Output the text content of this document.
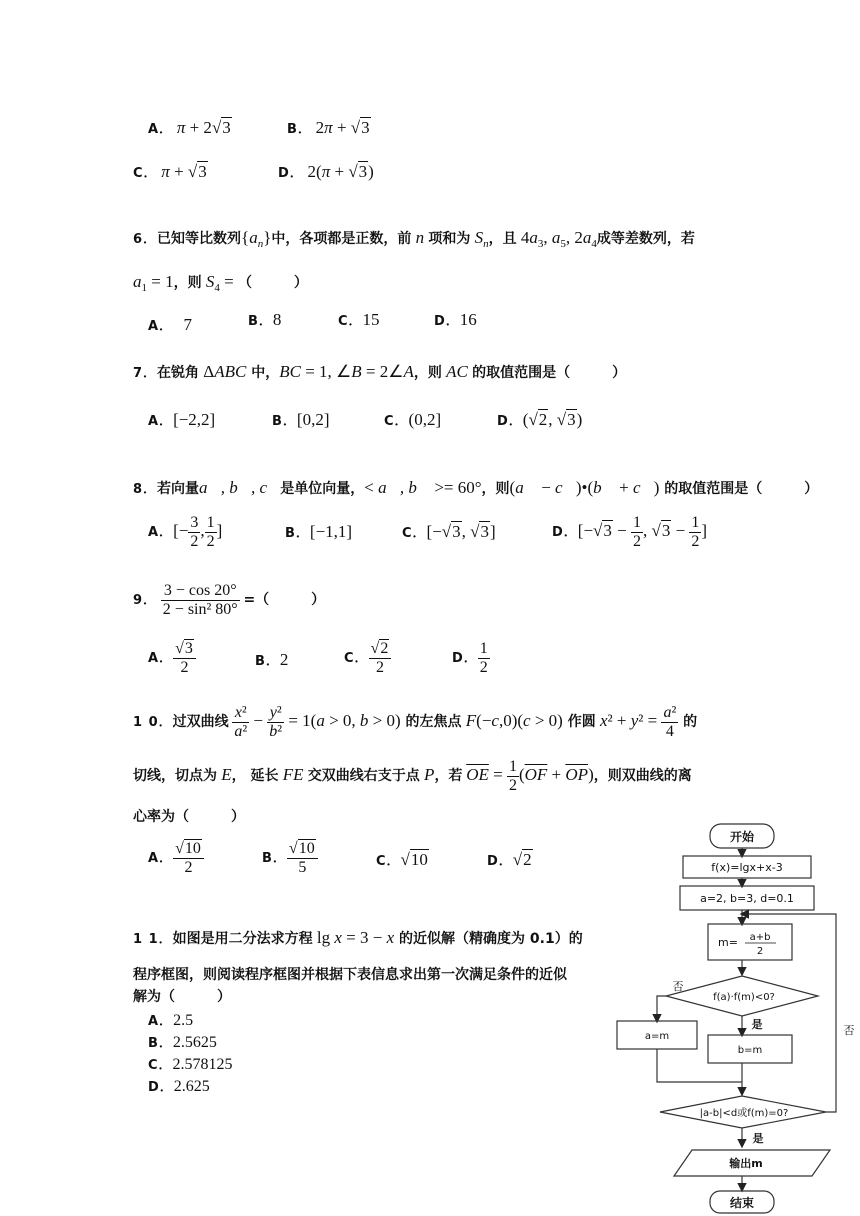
A． π + 2√3	B． 2π + √3
C． π + √3	D． 2(π + √3)
6．已知等比数列$\{a_n\}$中，各项都是正数，前 n 项和为 $S_n$，且 $4a_3$, $a_5$, $2a_4$成等差数列，若
$a_1 = 1$，则 $S_4$ = （　　　）
A．　7	B．8	C．15	D．16
7．在锐角 ΔABC 中，BC = 1, ∠B = 2∠A，则 AC 的取值范围是（　　　）
A．[−2,2]	B．[0,2]	C．(0,2]	D．(√2, √3)
8．若向量a⃗, b⃗, c⃗是单位向量，< a⃗, b⃗ >= 60°，则(a⃗ − c⃗)•(b⃗ + c⃗) 的取值范围是（　　　）
A．[− $\frac{3}{2}$ , $\frac{1}{2}$ ]	B．[−1,1]	C．[−√3, √3]	D．[$-√3 - \frac{1}{2}$ , $√3 - \frac{1}{2}$ ]
9． $\frac{3 - \cos 20^\circ}{\text{2 − sin² 80°}}$ =（　　　）
A． $\frac{√3}{2}$	B．2	C． $\frac{√2}{2}$	D． $\frac{1}{2}$
1 0．过双曲线 $\frac{\text{x²}}{\text{a²}} - \frac{\text{y²}}{\text{b²}} = 1(a > 0$, b > 0) 的左焦点 F(−c,0)(c > 0) 作圆 $x^2 + y^2 = \frac{\text{a²}}{4}$ 的
切线，切点为 E， 延长 FE 交双曲线右支于点 P，若 $\overline{OE} = \frac{1}{2} (\overline{OF} + \overline{OP})$，则双曲线的离
心率为（　　　）
A． $\frac{√10}{2}$	B． $\frac{√10}{5}$	C．√10	D．√2
1 1．如图是用二分法求方程 lg x = 3 − x 的近似解（精确度为 0.1）的
程序框图，则阅读程序框图并根据下表信息求出第一次满足条件的近似
解为（　　　）
A．2.5
B．2.5625
C．2.578125
D．2.625
开始
f(x)=lgx+x-3
a=2, b=3, d=0.1
m= a+b
2
f(a)·f(m)<0?
否
是
a=m
b=m
|a-b|<d或f(m)=0?
否
是
输出m
结束
